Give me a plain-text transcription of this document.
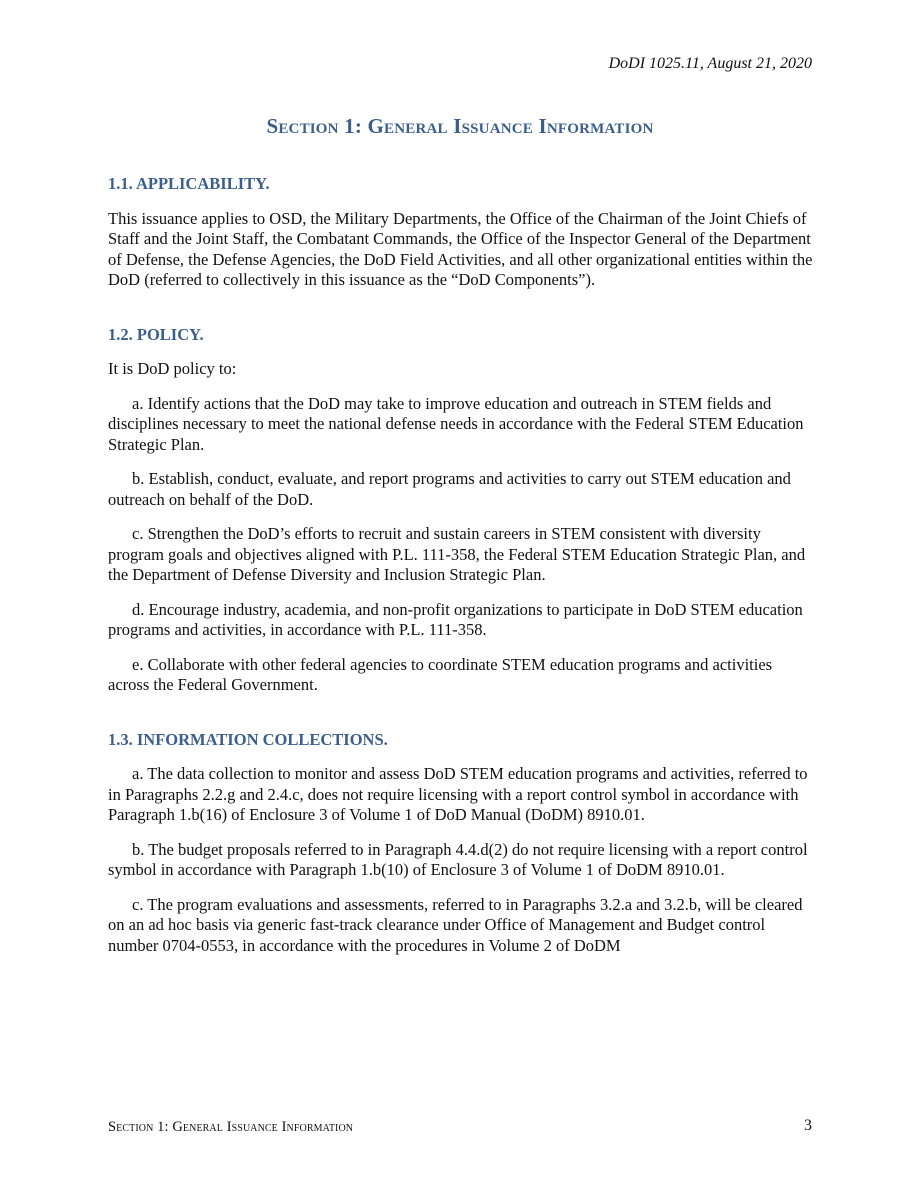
DoDI 1025.11, August 21, 2020
Section 1: General Issuance Information
1.1. APPLICABILITY.

This issuance applies to OSD, the Military Departments, the Office of the Chairman of the Joint Chiefs of Staff and the Joint Staff, the Combatant Commands, the Office of the Inspector General of the Department of Defense, the Defense Agencies, the DoD Field Activities, and all other organizational entities within the DoD (referred to collectively in this issuance as the “DoD Components”).

1.2. POLICY.

It is DoD policy to:

a. Identify actions that the DoD may take to improve education and outreach in STEM fields and disciplines necessary to meet the national defense needs in accordance with the Federal STEM Education Strategic Plan.

b. Establish, conduct, evaluate, and report programs and activities to carry out STEM education and outreach on behalf of the DoD.

c. Strengthen the DoD’s efforts to recruit and sustain careers in STEM consistent with diversity program goals and objectives aligned with P.L. 111-358, the Federal STEM Education Strategic Plan, and the Department of Defense Diversity and Inclusion Strategic Plan.

d. Encourage industry, academia, and non-profit organizations to participate in DoD STEM education programs and activities, in accordance with P.L. 111-358.

e. Collaborate with other federal agencies to coordinate STEM education programs and activities across the Federal Government.

1.3. INFORMATION COLLECTIONS.

a. The data collection to monitor and assess DoD STEM education programs and activities, referred to in Paragraphs 2.2.g and 2.4.c, does not require licensing with a report control symbol in accordance with Paragraph 1.b(16) of Enclosure 3 of Volume 1 of DoD Manual (DoDM) 8910.01.

b. The budget proposals referred to in Paragraph 4.4.d(2) do not require licensing with a report control symbol in accordance with Paragraph 1.b(10) of Enclosure 3 of Volume 1 of DoDM 8910.01.

c. The program evaluations and assessments, referred to in Paragraphs 3.2.a and 3.2.b, will be cleared on an ad hoc basis via generic fast-track clearance under Office of Management and Budget control number 0704-0553, in accordance with the procedures in Volume 2 of DoDM

Section 1: General Issuance Information	3
